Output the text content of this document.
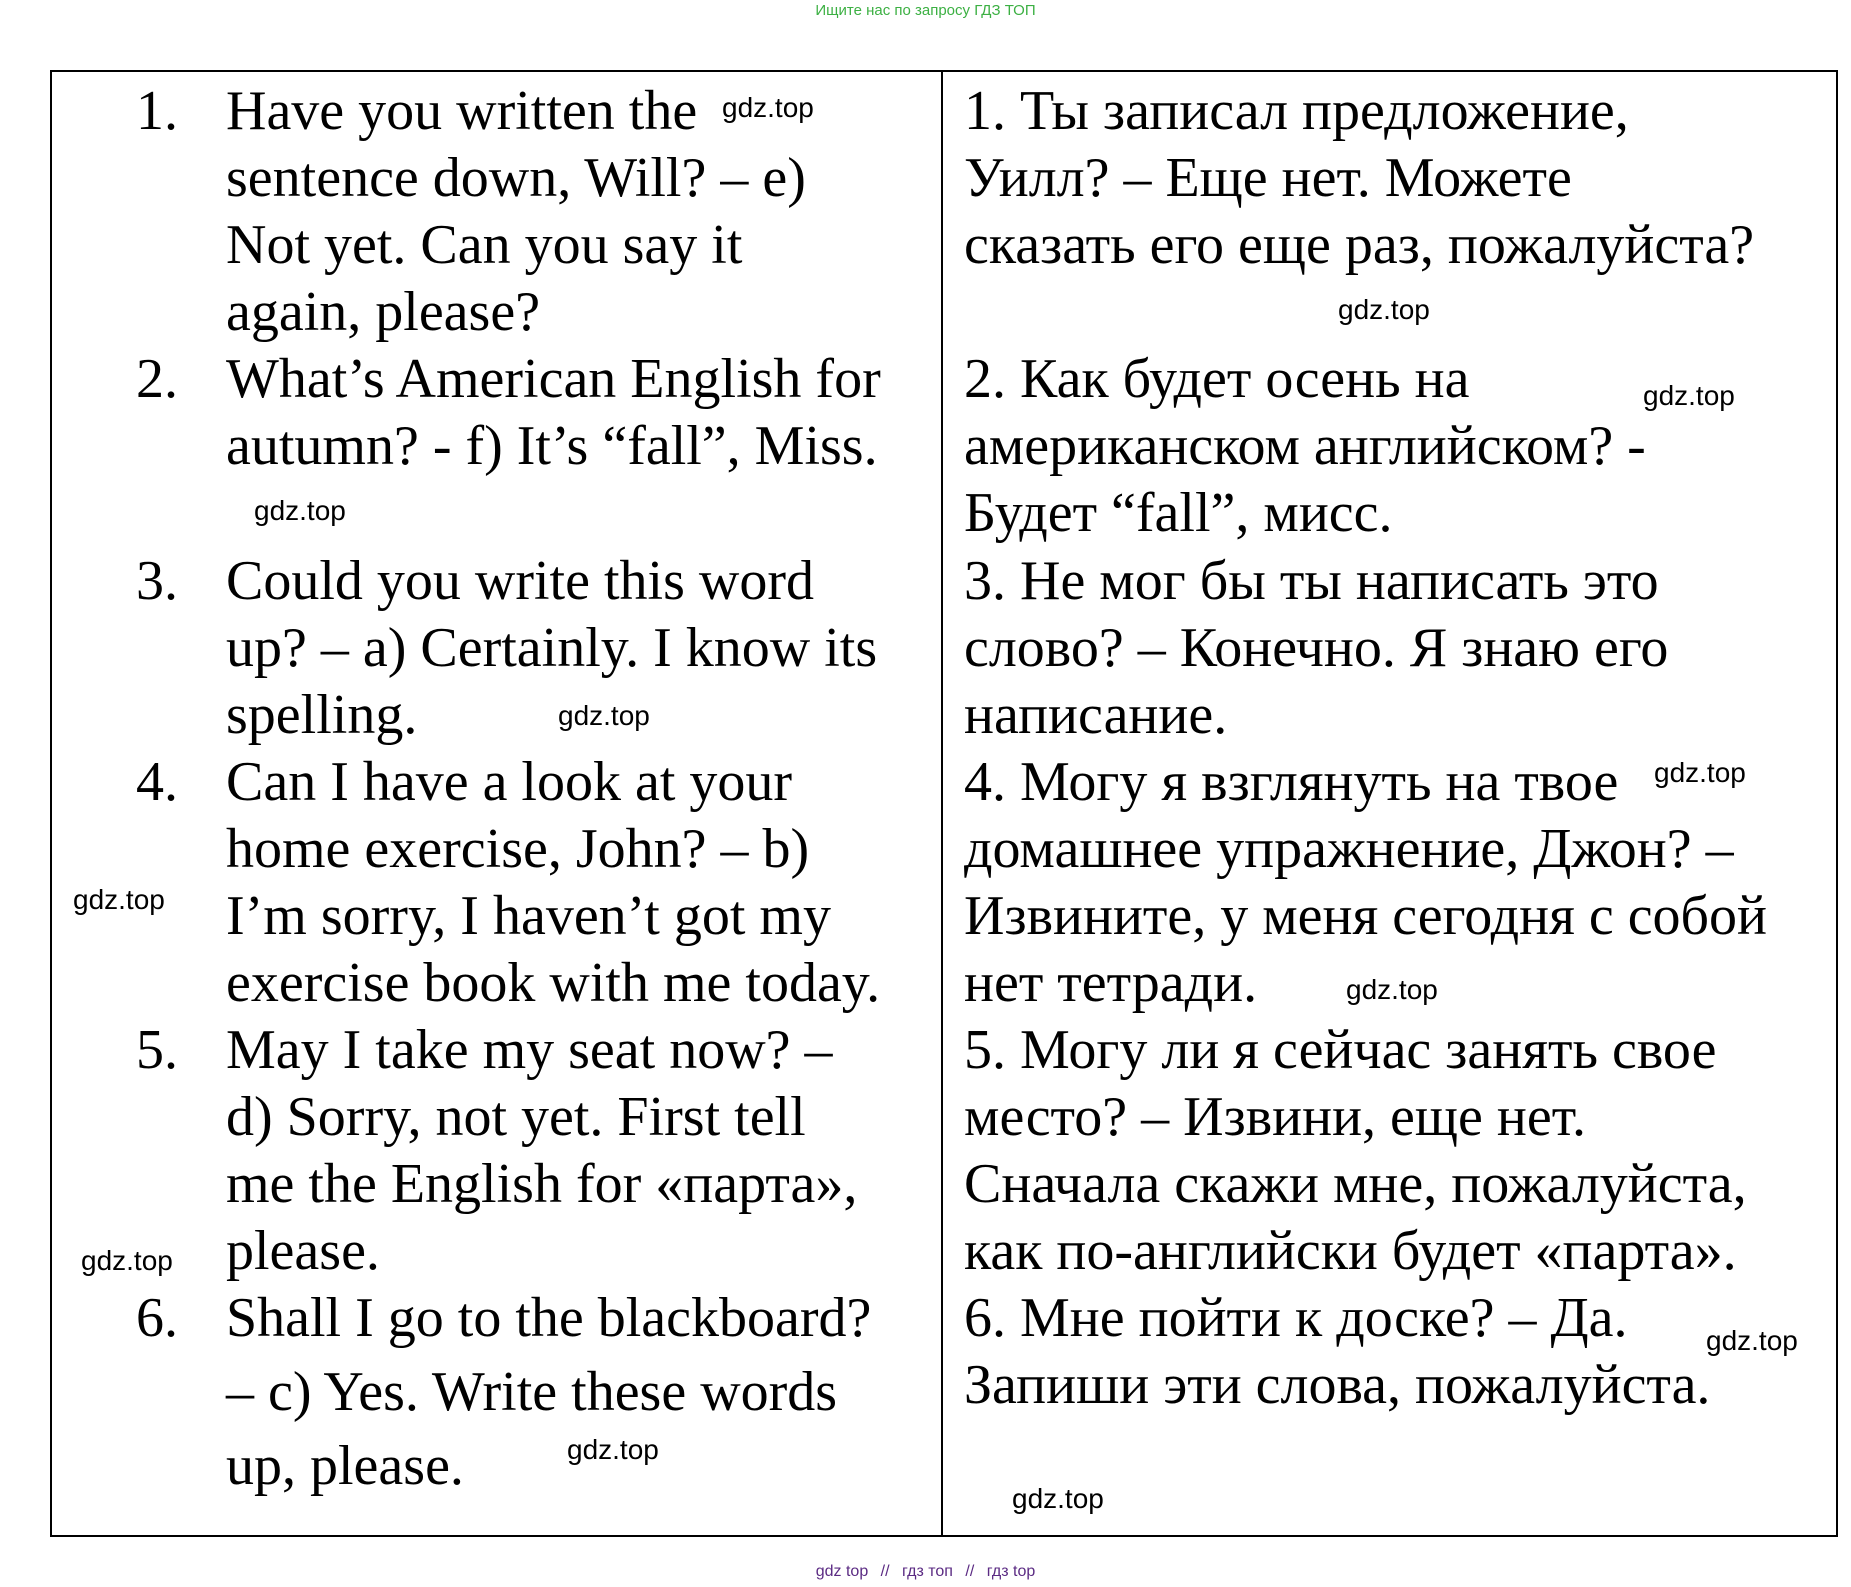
Ищите нас по запросу ГДЗ ТОП
1. Have you written the
sentence down, Will? – e)
Not yet. Can you say it
again, please?
2. What’s American English for
autumn? - f) It’s “fall”, Miss.
3. Could you write this word
up? – a) Certainly. I know its
spelling.
4. Can I have a look at your
home exercise, John? – b)
I’m sorry, I haven’t got my
exercise book with me today.
5. May I take my seat now? –
d) Sorry, not yet. First tell
me the English for «парта»,
please.
6. Shall I go to the blackboard?
– c) Yes. Write these words
up, please.
1. Ты записал предложение,
Уилл? – Еще нет. Можете
сказать его еще раз, пожалуйста?
2. Как будет осень на
американском английском? -
Будет “fall”, мисс.
3. Не мог бы ты написать это
слово? – Конечно. Я знаю его
написание.
4. Могу я взглянуть на твое
домашнее упражнение, Джон? –
Извините, у меня сегодня с собой
нет тетради.
5. Могу ли я сейчас занять свое
место? – Извини, еще нет.
Сначала скажи мне, пожалуйста,
как по-английски будет «парта».
6. Мне пойти к доске? – Да.
Запиши эти слова, пожалуйста.
gdz.top
gdz.top
gdz.top
gdz.top
gdz.top
gdz.top
gdz.top
gdz.top
gdz.top
gdz.top
gdz.top
gdz.top
gdz top // гдз топ // гдз top
